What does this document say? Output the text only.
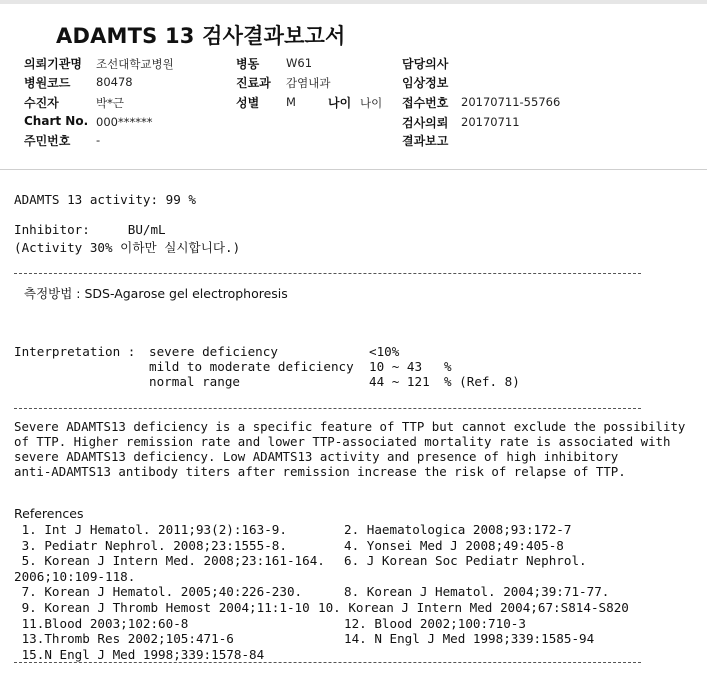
ADAMTS 13 검사결과보고서
의뢰기관명 조선대학교병원	병동 W61	담당의사
병원코드 80478	진료과 감염내과	임상정보
수진자	박*근	성별 M	나이 나이 접수번호 20170711-55766
Chart No. 000******	검사의뢰 20170711
주민번호 -	결과보고
ADAMTS 13 activity: 99 %
Inhibitor:     BU/mL
(Activity 30% 이하만 실시합니다.)
측정방법 : SDS-Agarose gel electrophoresis
Interpretation : severe deficiency	<10%
mild to moderate deficiency 10 ~ 43 %
normal range	44 ~ 121 % (Ref. 8)
Severe ADAMTS13 deficiency is a specific feature of TTP but cannot exclude the possibility
of TTP. Higher remission rate and lower TTP-associated mortality rate is associated with
severe ADAMTS13 deficiency. Low ADAMTS13 activity and presence of high inhibitory
anti-ADAMTS13 antibody titers after remission increase the risk of relapse of TTP.
References
1. Int J Hematol. 2011;93(2):163-9.	2. Haematologica 2008;93:172-7
3. Pediatr Nephrol. 2008;23:1555-8.	4. Yonsei Med J 2008;49:405-8
5. Korean J Intern Med. 2008;23:161-164. 6. J Korean Soc Pediatr Nephrol.
2006;10:109-118.
7. Korean J Hematol. 2005;40:226-230.	8. Korean J Hematol. 2004;39:71-77.
9. Korean J Thromb Hemost 2004;11:1-10 10. Korean J Intern Med 2004;67:S814-S820
11.Blood 2003;102:60-8	12. Blood 2002;100:710-3
13.Thromb Res 2002;105:471-6	14. N Engl J Med 1998;339:1585-94
15.N Engl J Med 1998;339:1578-84
